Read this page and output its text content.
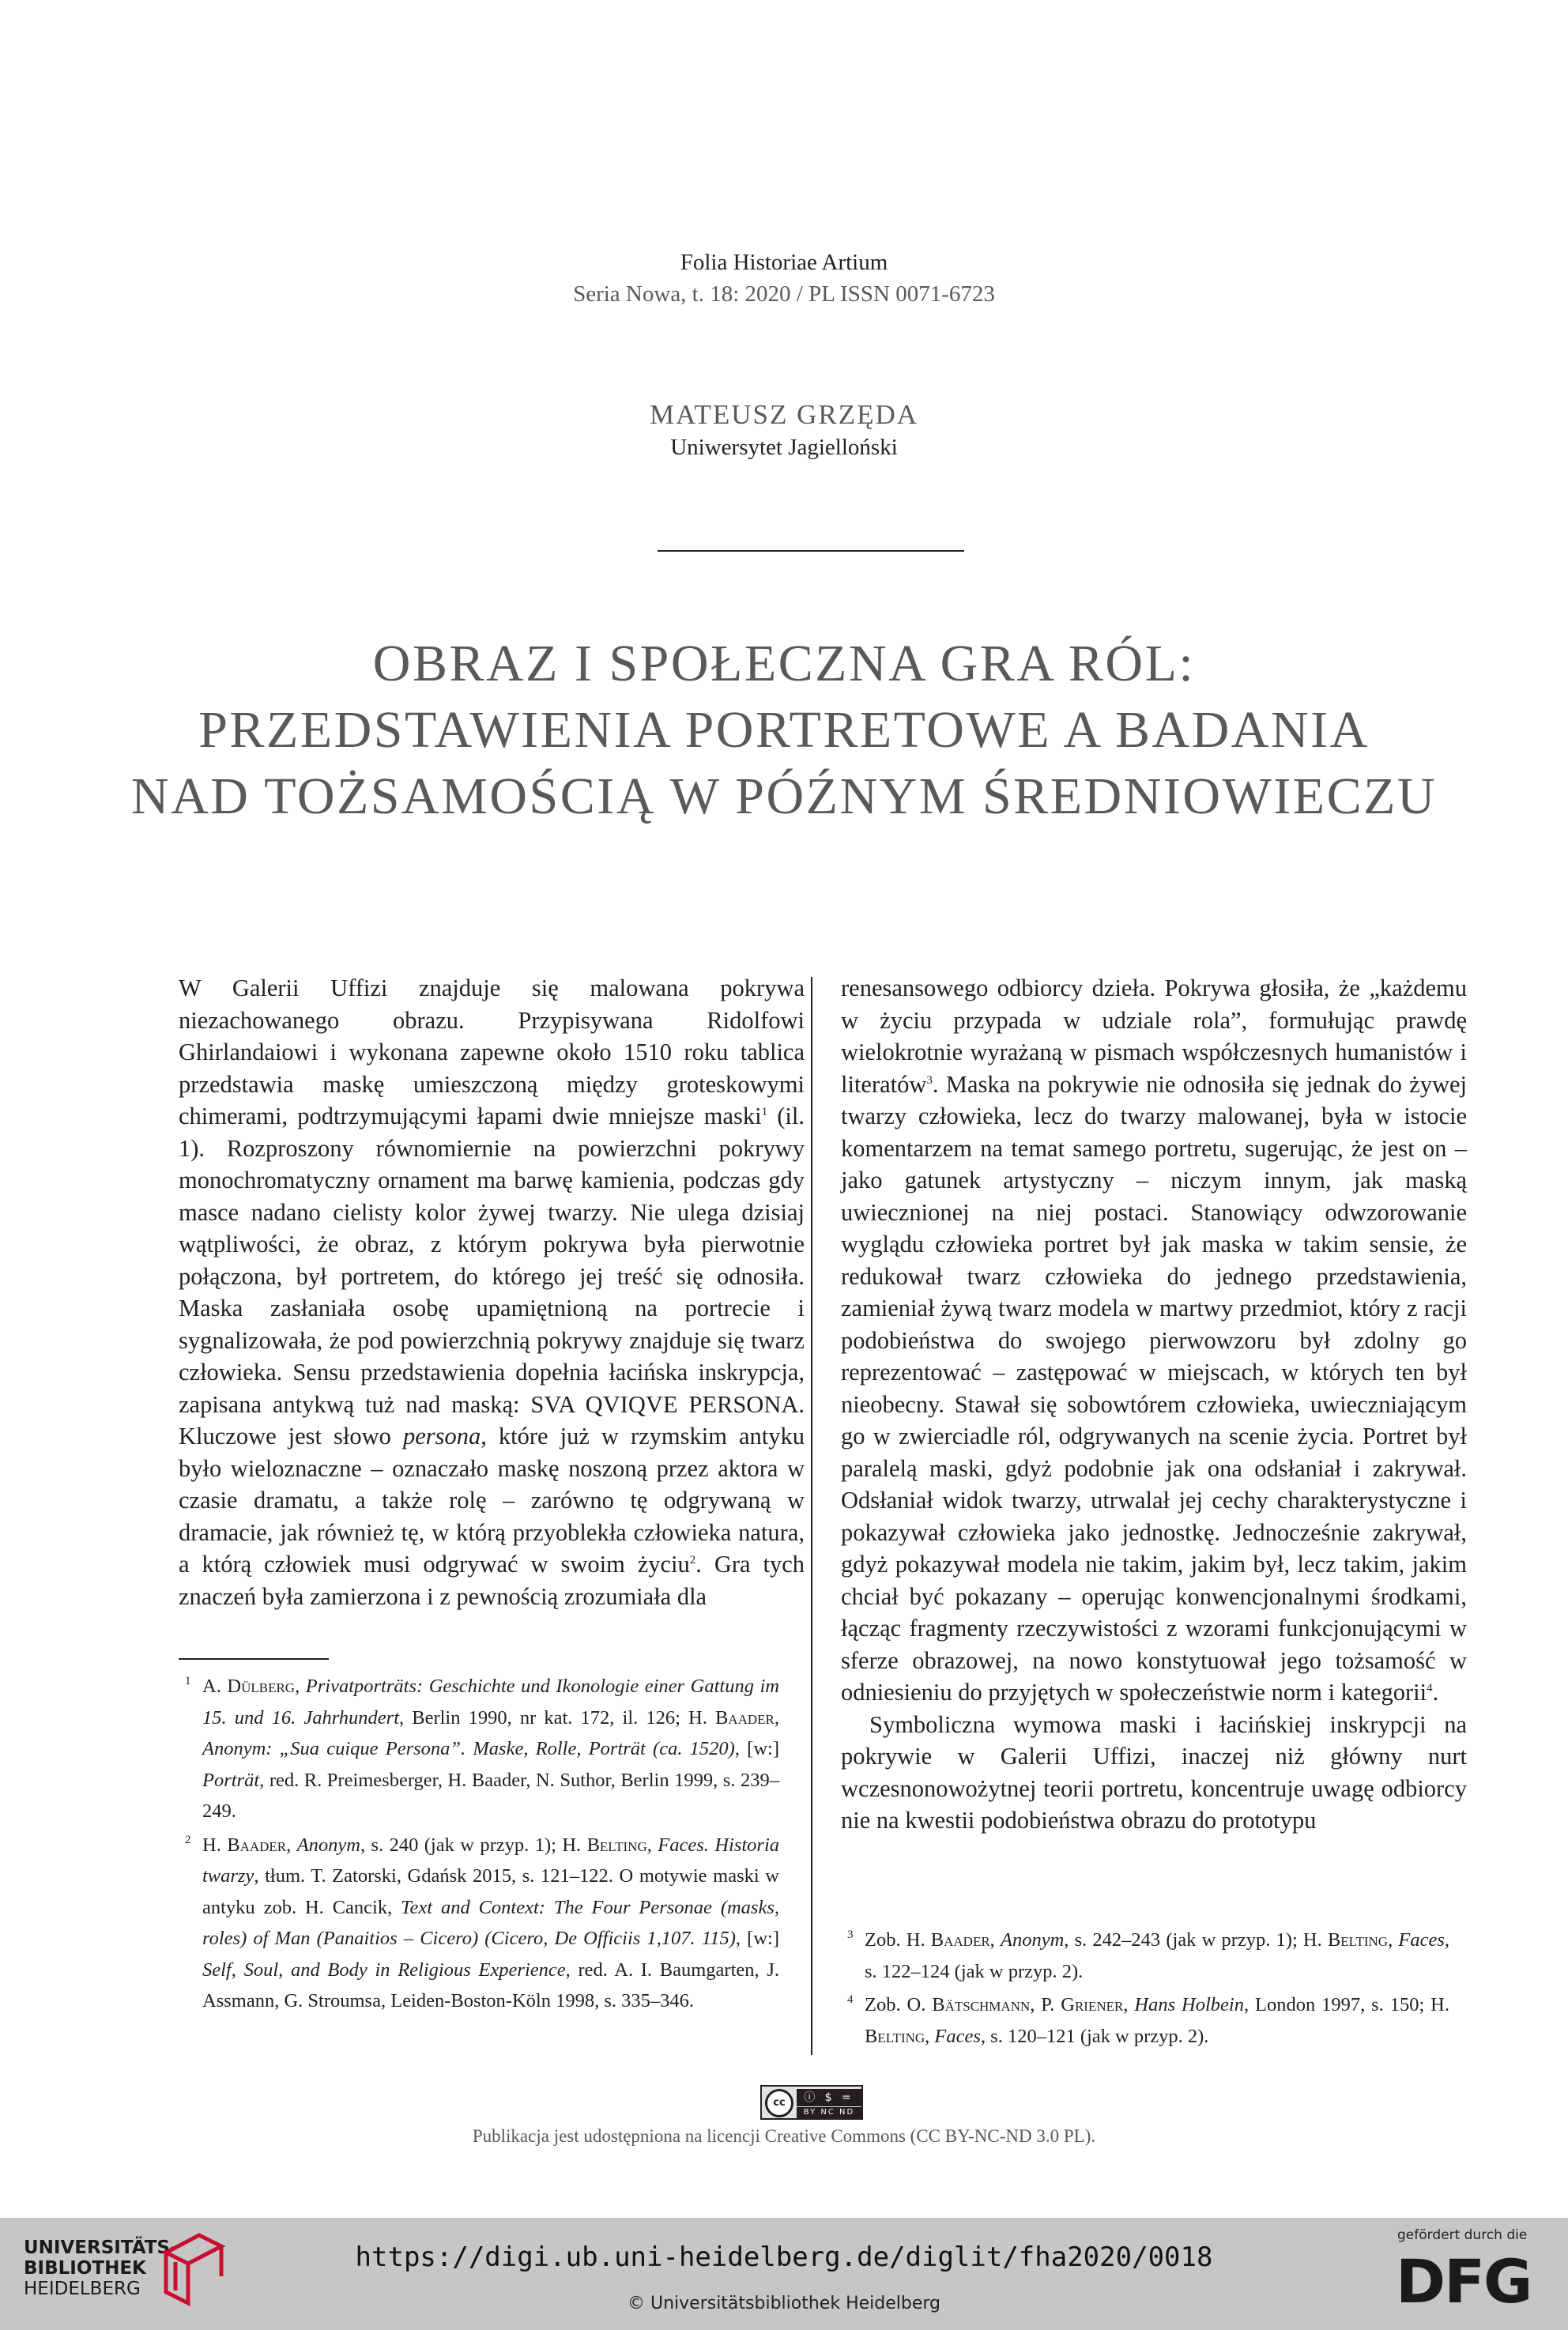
Folia Historiae Artium
Seria Nowa, t. 18: 2020 / PL ISSN 0071-6723
MATEUSZ GRZĘDA
Uniwersytet Jagielloński
OBRAZ I SPOŁECZNA GRA RÓL:
PRZEDSTAWIENIA PORTRETOWE A BADANIA
NAD TOŻSAMOŚCIĄ W PÓŹNYM ŚREDNIOWIECZU

W Galerii Uffizi znajduje się malowana pokrywa niezachowanego obrazu. Przypisywana Ridolfowi Ghirlandaiowi i wykonana zapewne około 1510 roku tablica przedstawia maskę umieszczoną między groteskowymi chimerami, podtrzymującymi łapami dwie mniejsze maski$^1$ (il. 1). Rozproszony równomiernie na powierzchni pokrywy monochromatyczny ornament ma barwę kamienia, podczas gdy masce nadano cielisty kolor żywej twarzy. Nie ulega dzisiaj wątpliwości, że obraz, z którym pokrywa była pierwotnie połączona, był portretem, do którego jej treść się odnosiła. Maska zasłaniała osobę upamiętnioną na portrecie i sygnalizowała, że pod powierzchnią pokrywy znajduje się twarz człowieka. Sensu przedstawienia dopełnia łacińska inskrypcja, zapisana antykwą tuż nad maską: SVA QVIQVE PERSONA. Kluczowe jest słowo persona, które już w rzymskim antyku było wieloznaczne – oznaczało maskę noszoną przez aktora w czasie dramatu, a także rolę – zarówno tę odgrywaną w dramacie, jak również tę, w którą przyoblekła człowieka natura, a którą człowiek musi odgrywać w swoim życiu$^2$. Gra tych znaczeń była zamierzona i z pewnością zrozumiała dla

renesansowego odbiorcy dzieła. Pokrywa głosiła, że „każdemu w życiu przypada w udziale rola”, formułując prawdę wielokrotnie wyrażaną w pismach współczesnych humanistów i literatów$^3$. Maska na pokrywie nie odnosiła się jednak do żywej twarzy człowieka, lecz do twarzy malowanej, była w istocie komentarzem na temat samego portretu, sugerując, że jest on – jako gatunek artystyczny – niczym innym, jak maską uwiecznionej na niej postaci. Stanowiący odwzorowanie wyglądu człowieka portret był jak maska w takim sensie, że redukował twarz człowieka do jednego przedstawienia, zamieniał żywą twarz modela w martwy przedmiot, który z racji podobieństwa do swojego pierwowzoru był zdolny go reprezentować – zastępować w miejscach, w których ten był nieobecny. Stawał się sobowtórem człowieka, uwieczniającym go w zwierciadle ról, odgrywanych na scenie życia. Portret był paralelą maski, gdyż podobnie jak ona odsłaniał i zakrywał. Odsłaniał widok twarzy, utrwalał jej cechy charakterystyczne i pokazywał człowieka jako jednostkę. Jednocześnie zakrywał, gdyż pokazywał modela nie takim, jakim był, lecz takim, jakim chciał być pokazany – operując konwencjonalnymi środkami, łącząc fragmenty rzeczywistości z wzorami funkcjonującymi w sferze obrazowej, na nowo konstytuował jego tożsamość w odniesieniu do przyjętych w społeczeństwie norm i kategorii$^4$.

Symboliczna wymowa maski i łacińskiej inskrypcji na pokrywie w Galerii Uffizi, inaczej niż główny nurt wczesnonowożytnej teorii portretu, koncentruje uwagę odbiorcy nie na kwestii podobieństwa obrazu do prototypu

1 A. Dülberg, Privatporträts: Geschichte und Ikonologie einer Gattung im 15. und 16. Jahrhundert, Berlin 1990, nr kat. 172, il. 126; H. Baader, Anonym: „Sua cuique Persona”. Maske, Rolle, Porträt (ca. 1520), [w:] Porträt, red. R. Preimesberger, H. Baader, N. Suthor, Berlin 1999, s. 239–249.
2 H. Baader, Anonym, s. 240 (jak w przyp. 1); H. Belting, Faces. Historia twarzy, tłum. T. Zatorski, Gdańsk 2015, s. 121–122. O motywie maski w antyku zob. H. Cancik, Text and Context: The Four Personae (masks, roles) of Man (Panaitios – Cicero) (Cicero, De Officiis 1,107. 115), [w:] Self, Soul, and Body in Religious Experience, red. A. I. Baumgarten, J. Assmann, G. Stroumsa, Leiden-Boston-Köln 1998, s. 335–346.
3 Zob. H. Baader, Anonym, s. 242–243 (jak w przyp. 1); H. Belting, Faces, s. 122–124 (jak w przyp. 2).
4 Zob. O. Bätschmann, P. Griener, Hans Holbein, London 1997, s. 150; H. Belting, Faces, s. 120–121 (jak w przyp. 2).
cc	ⓘ $ =
BY NC ND
Publikacja jest udostępniona na licencji Creative Commons (CC BY-NC-ND 3.0 PL).
UNIVERSITÄTS-
BIBLIOTHEK
HEIDELBERG
https://digi.ub.uni-heidelberg.de/diglit/fha2020/0018
© Universitätsbibliothek Heidelberg
gefördert durch die
DFG
